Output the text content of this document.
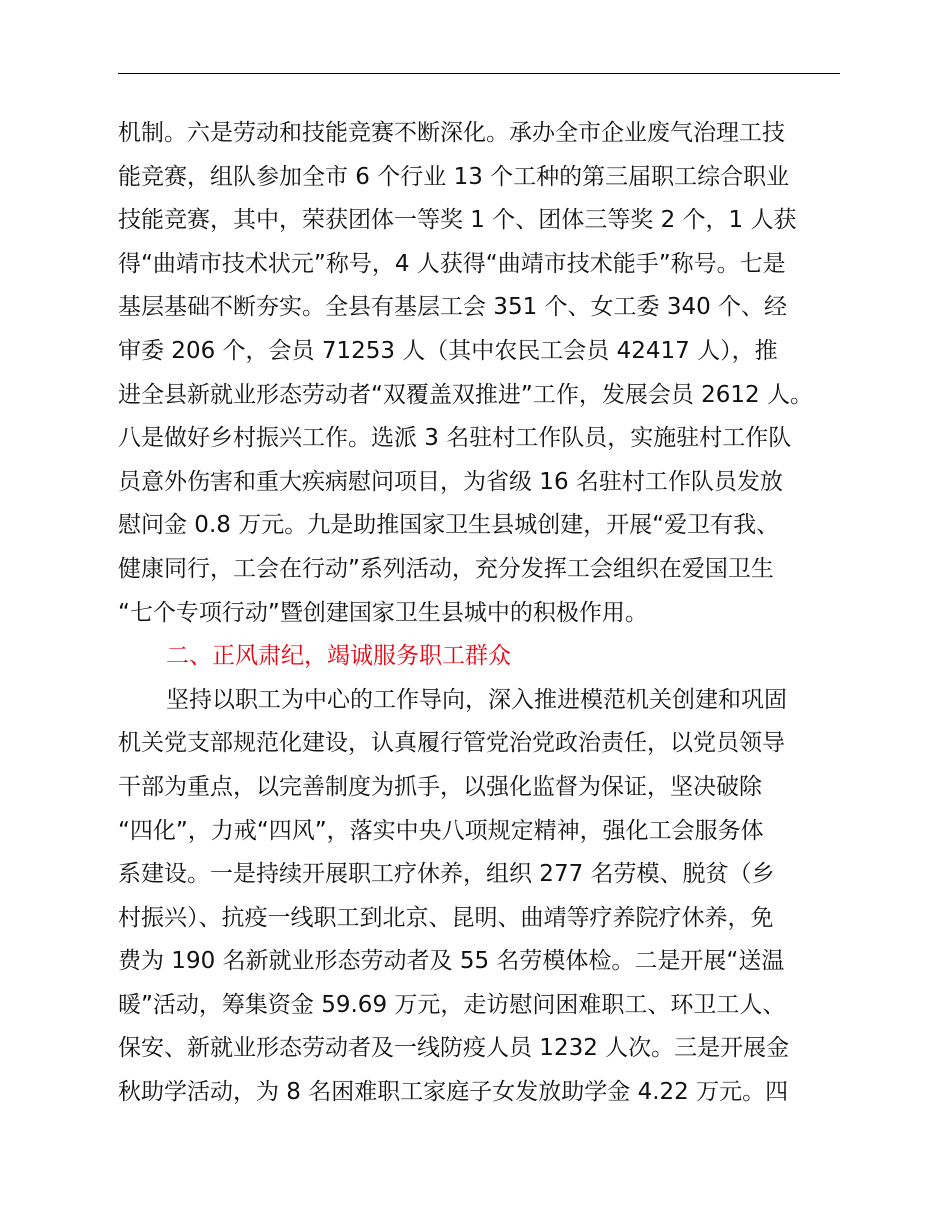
机制。六是劳动和技能竞赛不断深化。承办全市企业废气治理工技
能竞赛，组队参加全市 6 个行业 13 个工种的第三届职工综合职业
技能竞赛，其中，荣获团体一等奖 1 个、团体三等奖 2 个，1 人获
得“曲靖市技术状元”称号，4 人获得“曲靖市技术能手”称号。七是
基层基础不断夯实。全县有基层工会 351 个、女工委 340 个、经
审委 206 个，会员 71253 人（其中农民工会员 42417 人），推
进全县新就业形态劳动者“双覆盖双推进”工作，发展会员 2612 人。
八是做好乡村振兴工作。选派 3 名驻村工作队员，实施驻村工作队
员意外伤害和重大疾病慰问项目，为省级 16 名驻村工作队员发放
慰问金 0.8 万元。九是助推国家卫生县城创建，开展“爱卫有我、
健康同行，工会在行动”系列活动，充分发挥工会组织在爱国卫生
“七个专项行动”暨创建国家卫生县城中的积极作用。
二、正风肃纪，竭诚服务职工群众
坚持以职工为中心的工作导向，深入推进模范机关创建和巩固
机关党支部规范化建设，认真履行管党治党政治责任，以党员领导
干部为重点，以完善制度为抓手，以强化监督为保证，坚决破除
“四化”，力戒“四风”，落实中央八项规定精神，强化工会服务体
系建设。一是持续开展职工疗休养，组织 277 名劳模、脱贫（乡
村振兴）、抗疫一线职工到北京、昆明、曲靖等疗养院疗休养，免
费为 190 名新就业形态劳动者及 55 名劳模体检。二是开展“送温
暖”活动，筹集资金 59.69 万元，走访慰问困难职工、环卫工人、
保安、新就业形态劳动者及一线防疫人员 1232 人次。三是开展金
秋助学活动，为 8 名困难职工家庭子女发放助学金 4.22 万元。四
